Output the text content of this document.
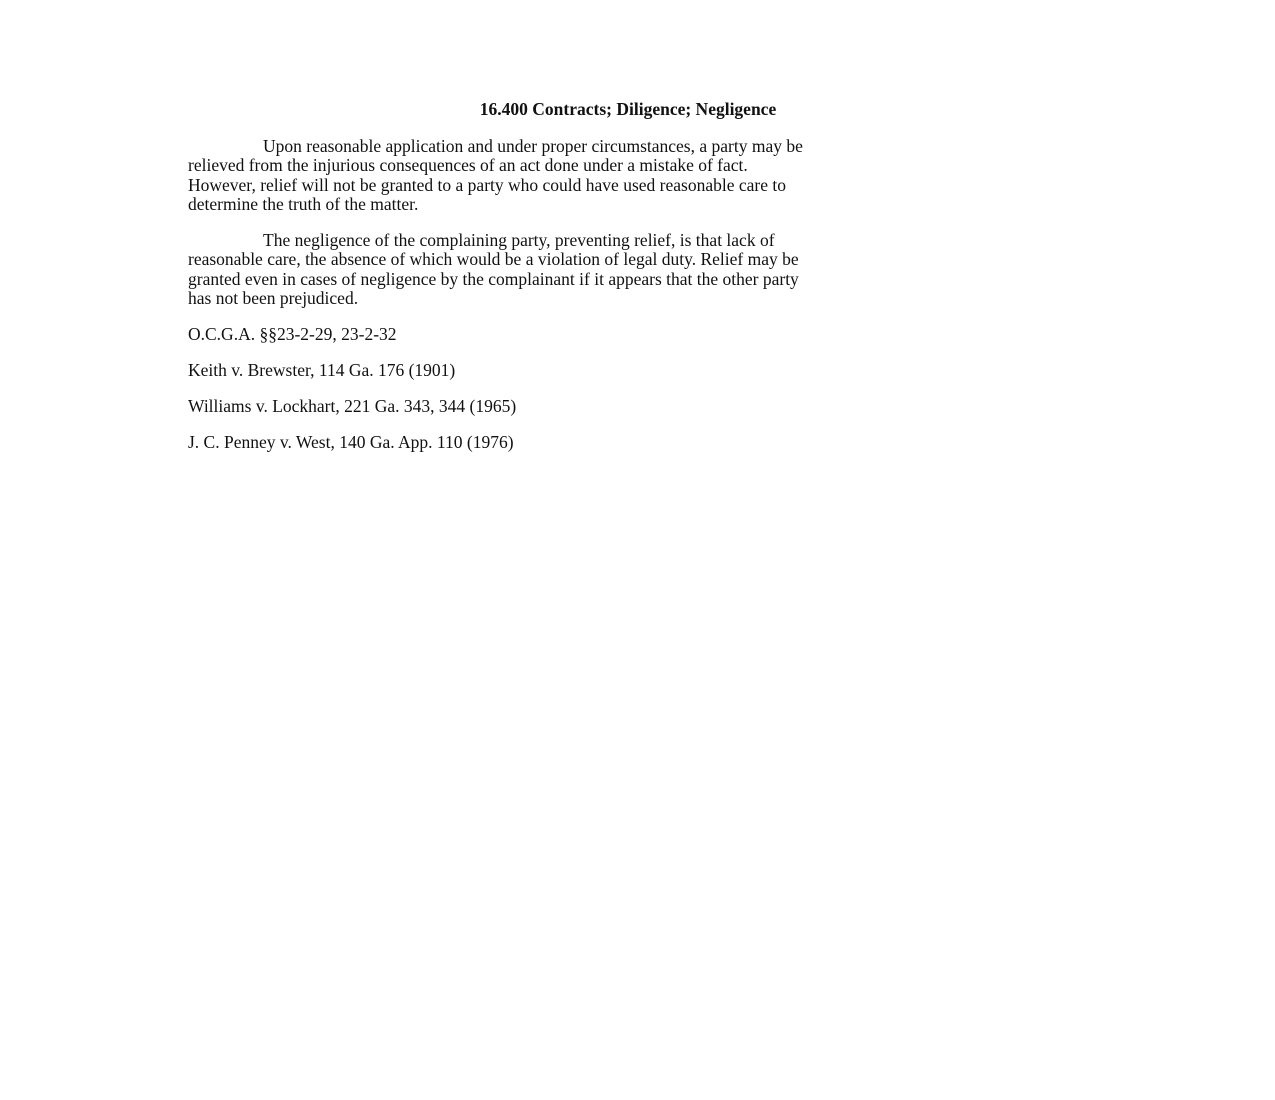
16.400 Contracts; Diligence; Negligence
Upon reasonable application and under proper circumstances, a party may be
relieved from the injurious consequences of an act done under a mistake of fact.
However, relief will not be granted to a party who could have used reasonable care to
determine the truth of the matter.
The negligence of the complaining party, preventing relief, is that lack of
reasonable care, the absence of which would be a violation of legal duty. Relief may be
granted even in cases of negligence by the complainant if it appears that the other party
has not been prejudiced.
O.C.G.A. §§23-2-29, 23-2-32
Keith v. Brewster, 114 Ga. 176 (1901)
Williams v. Lockhart, 221 Ga. 343, 344 (1965)
J. C. Penney v. West, 140 Ga. App. 110 (1976)
